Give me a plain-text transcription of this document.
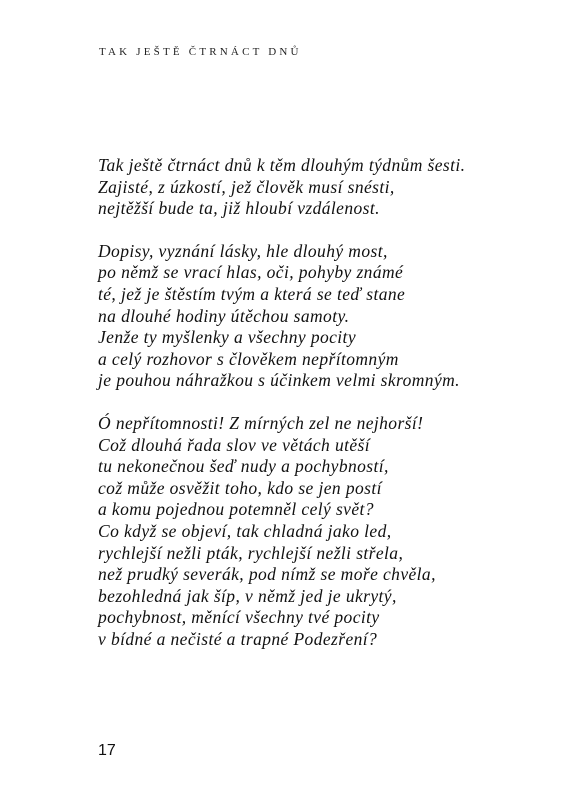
TAK JEŠTĚ ČTRNÁCT DNŮ
Tak ještě čtrnáct dnů k těm dlouhým týdnům šesti.
Zajisté, z úzkostí, jež člověk musí snésti,
nejtěžší bude ta, již hloubí vzdálenost.
Dopisy, vyznání lásky, hle dlouhý most,
po němž se vrací hlas, oči, pohyby známé
té, jež je štěstím tvým a která se teď stane
na dlouhé hodiny útěchou samoty.
Jenže ty myšlenky a všechny pocity
a celý rozhovor s člověkem nepřítomným
je pouhou náhražkou s účinkem velmi skromným.
Ó nepřítomnosti! Z mírných zel ne nejhorší!
Což dlouhá řada slov ve větách utěší
tu nekonečnou šeď nudy a pochybností,
což může osvěžit toho, kdo se jen postí
a komu pojednou potemněl celý svět?
Co když se objeví, tak chladná jako led,
rychlejší nežli pták, rychlejší nežli střela,
než prudký severák, pod nímž se moře chvěla,
bezohledná jak šíp, v němž jed je ukrytý,
pochybnost, měnící všechny tvé pocity
v bídné a nečisté a trapné Podezření?
17
